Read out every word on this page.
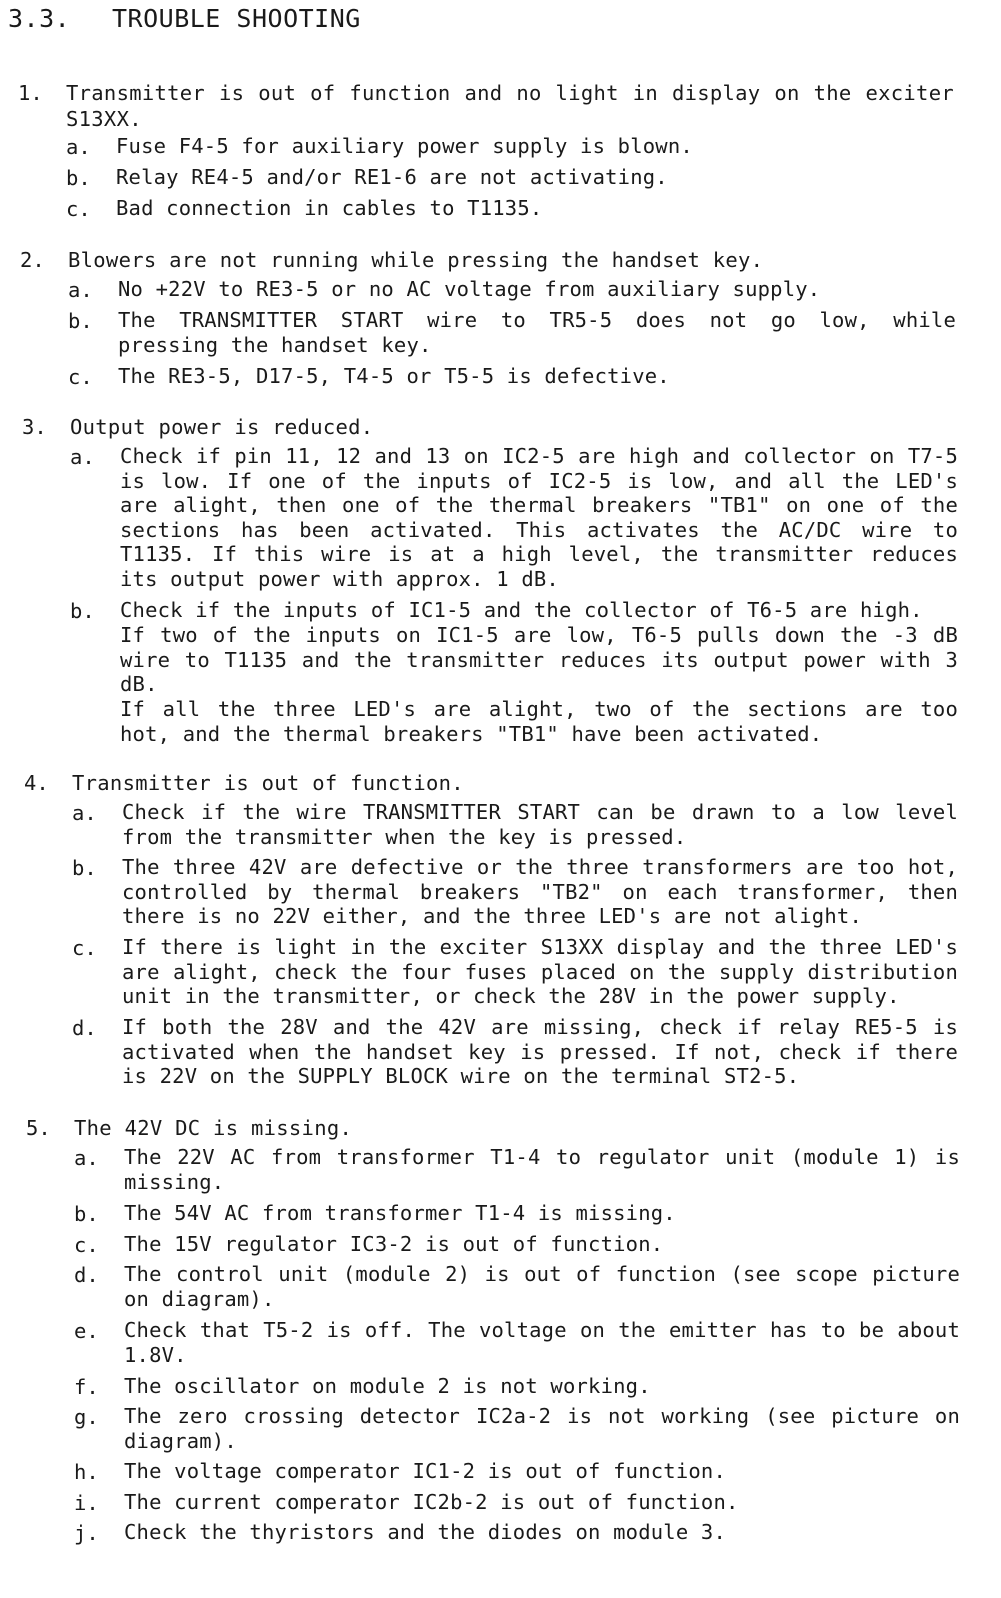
3.3. TROUBLE SHOOTING
1. Transmitter is out of function and no light in display on the exciter S13XX.
a. Fuse F4-5 for auxiliary power supply is blown.
b. Relay RE4-5 and/or RE1-6 are not activating.
c. Bad connection in cables to T1135.
2. Blowers are not running while pressing the handset key.
a. No +22V to RE3-5 or no AC voltage from auxiliary supply.
b. The TRANSMITTER START wire to TR5-5 does not go low, while pressing the handset key.
c. The RE3-5, D17-5, T4-5 or T5-5 is defective.
3. Output power is reduced.
a. Check if pin 11, 12 and 13 on IC2-5 are high and collector on T7-5 is low. If one of the inputs of IC2-5 is low, and all the LED's are alight, then one of the thermal breakers "TB1" on one of the sections has been activated. This activates the AC/DC wire to T1135. If this wire is at a high level, the transmitter reduces its output power with approx. 1 dB.
b. Check if the inputs of IC1-5 and the collector of T6-5 are high.
If two of the inputs on IC1-5 are low, T6-5 pulls down the -3 dB wire to T1135 and the transmitter reduces its output power with 3 dB.
If all the three LED's are alight, two of the sections are too hot, and the thermal breakers "TB1" have been activated.
4. Transmitter is out of function.
a. Check if the wire TRANSMITTER START can be drawn to a low level from the transmitter when the key is pressed.
b. The three 42V are defective or the three transformers are too hot, controlled by thermal breakers "TB2" on each transformer, then there is no 22V either, and the three LED's are not alight.
c. If there is light in the exciter S13XX display and the three LED's are alight, check the four fuses placed on the supply distribution unit in the transmitter, or check the 28V in the power supply.
d. If both the 28V and the 42V are missing, check if relay RE5-5 is activated when the handset key is pressed. If not, check if there is 22V on the SUPPLY BLOCK wire on the terminal ST2-5.
5. The 42V DC is missing.
a. The 22V AC from transformer T1-4 to regulator unit (module 1) is missing.
b. The 54V AC from transformer T1-4 is missing.
c. The 15V regulator IC3-2 is out of function.
d. The control unit (module 2) is out of function (see scope picture on diagram).
e. Check that T5-2 is off. The voltage on the emitter has to be about 1.8V.
f. The oscillator on module 2 is not working.
g. The zero crossing detector IC2a-2 is not working (see picture on diagram).
h. The voltage comperator IC1-2 is out of function.
i. The current comperator IC2b-2 is out of function.
j. Check the thyristors and the diodes on module 3.
